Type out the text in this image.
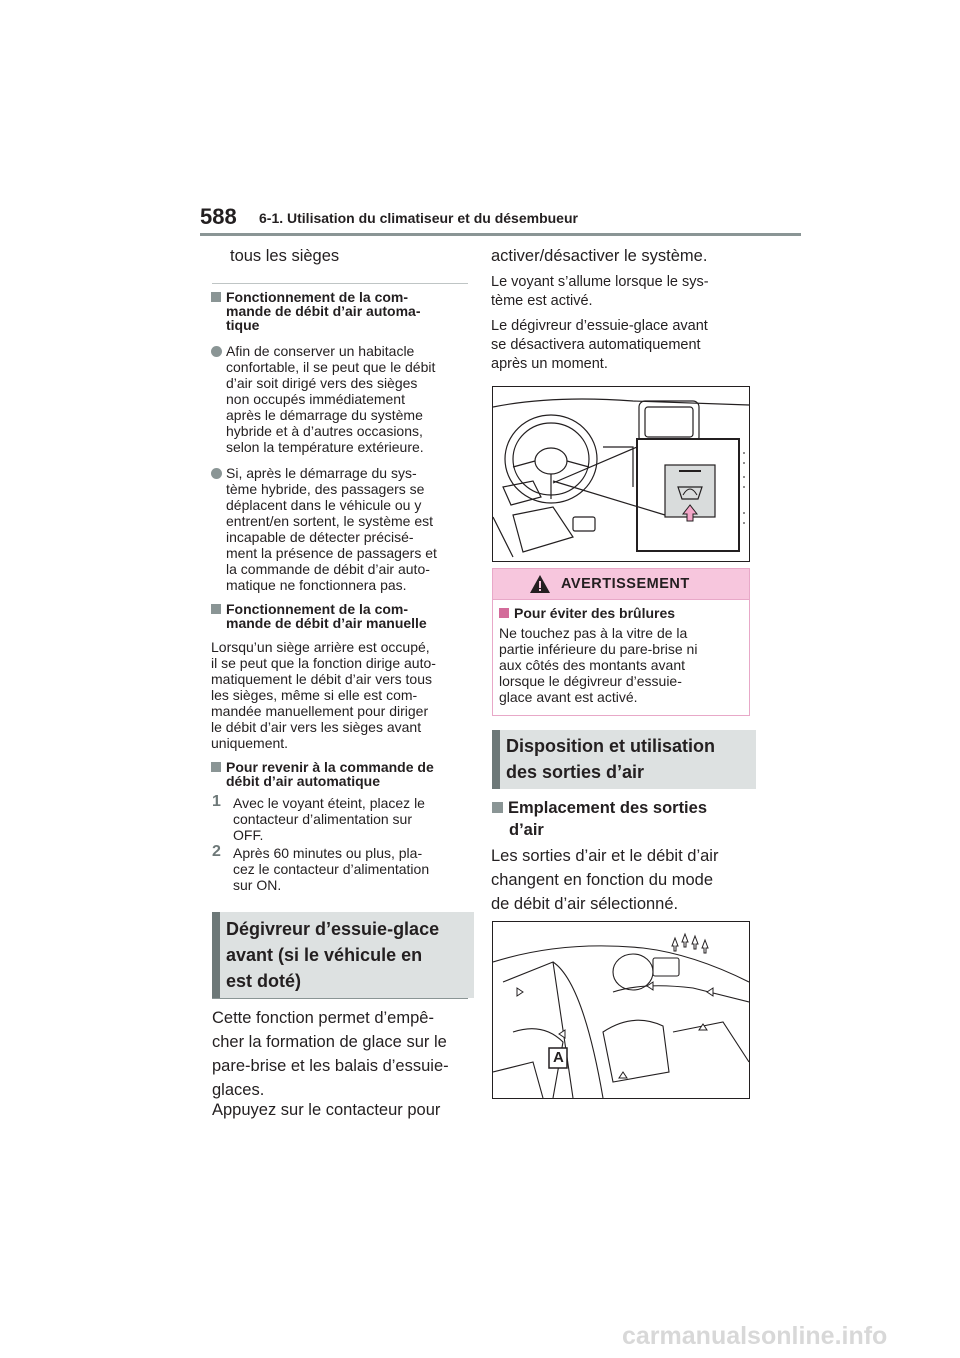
588 6-1. Utilisation du climatiseur et du désembueur
tous les sièges
Fonctionnement de la com-
mande de débit d’air automa-
tique
Afin de conserver un habitacle
confortable, il se peut que le débit
d’air soit dirigé vers des sièges
non occupés immédiatement
après le démarrage du système
hybride et à d’autres occasions,
selon la température extérieure.
Si, après le démarrage du sys-
tème hybride, des passagers se
déplacent dans le véhicule ou y
entrent/en sortent, le système est
incapable de détecter précisé-
ment la présence de passagers et
la commande de débit d’air auto-
matique ne fonctionnera pas.
Fonctionnement de la com-
mande de débit d’air manuelle
Lorsqu’un siège arrière est occupé,
il se peut que la fonction dirige auto-
matiquement le débit d’air vers tous
les sièges, même si elle est com-
mandée manuellement pour diriger
le débit d’air vers les sièges avant
uniquement.
Pour revenir à la commande de
débit d’air automatique
1 Avec le voyant éteint, placez le
contacteur d’alimentation sur
OFF.
2 Après 60 minutes ou plus, pla-
cez le contacteur d’alimentation
sur ON.
Dégivreur d’essuie-glace
avant (si le véhicule en
est doté)
Cette fonction permet d’empê-
cher la formation de glace sur le
pare-brise et les balais d’essuie-
glaces.
Appuyez sur le contacteur pour
activer/désactiver le système.
Le voyant s’allume lorsque le sys-
tème est activé.
Le dégivreur d’essuie-glace avant
se désactivera automatiquement
après un moment.
AVERTISSEMENT
Pour éviter des brûlures
Ne touchez pas à la vitre de la
partie inférieure du pare-brise ni
aux côtés des montants avant
lorsque le dégivreur d’essuie-
glace avant est activé.
Disposition et utilisation
des sorties d’air
Emplacement des sorties
d’air
Les sorties d’air et le débit d’air
changent en fonction du mode
de débit d’air sélectionné.
A
carmanualsonline.info
